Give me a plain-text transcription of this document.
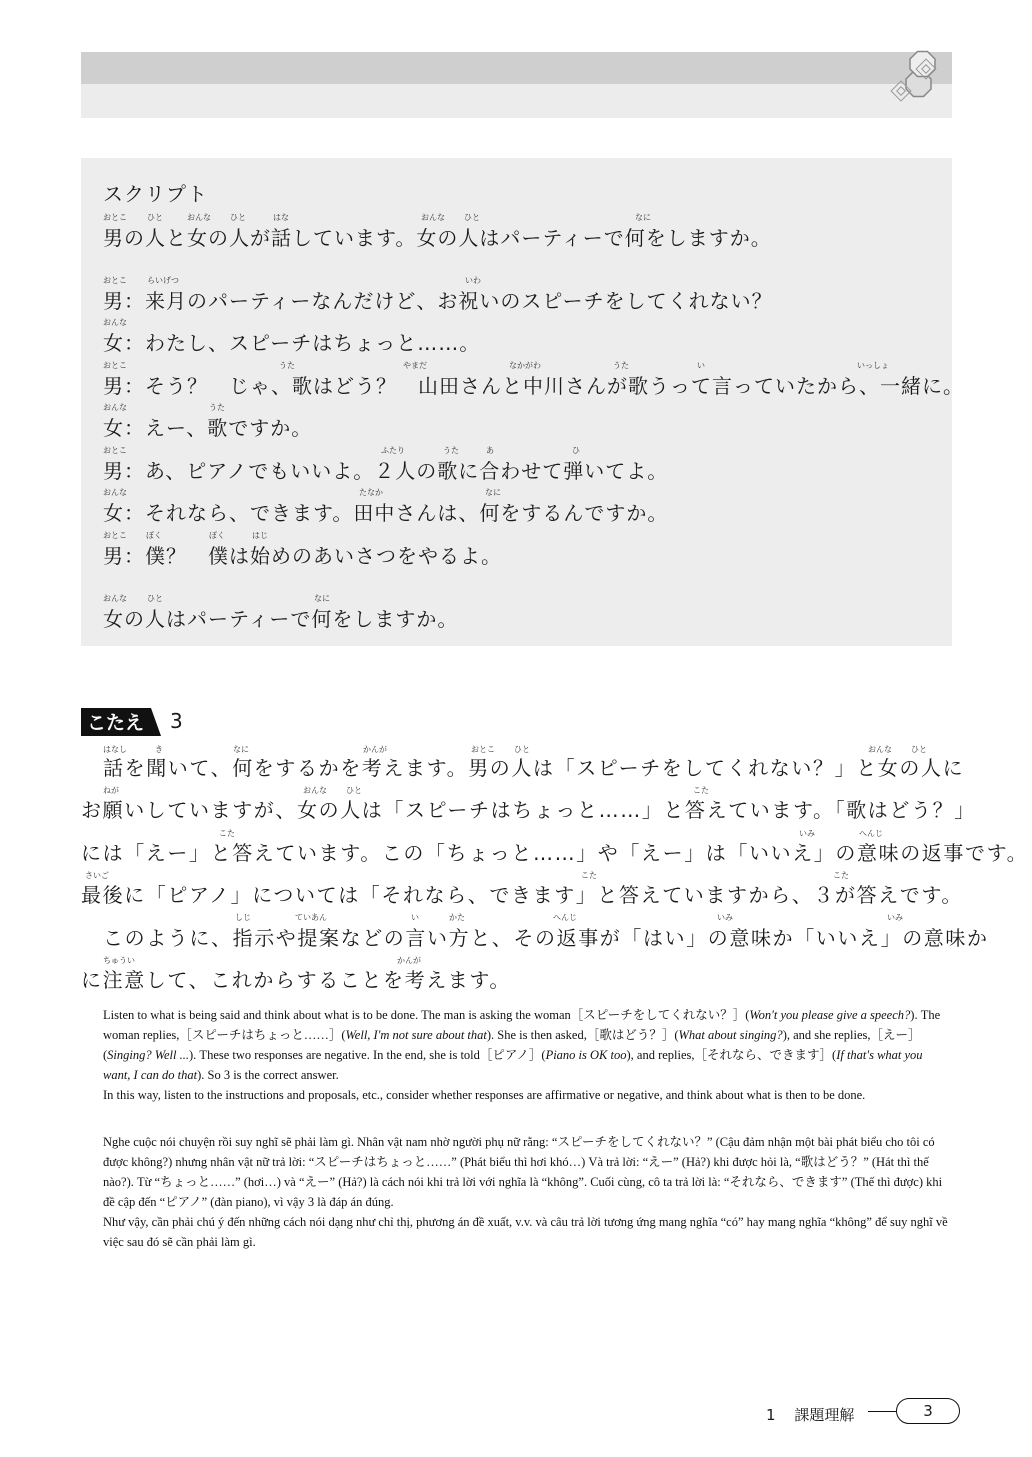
スクリプト
おとこ	ひと	おんな ひと	はな	おんな ひと	なに
男の人と女の人が話しています。女の人はパーティーで何をしますか。
おとこ	らいげつ	いわ
男：来月のパーティーなんだけど、お祝いのスピーチをしてくれない？
おんな
女：わたし、スピーチはちょっと……。
おとこ	うた	やまだ	なかがわ	うた	い	いっしょ
男：そう？　じゃ、歌はどう？　山田さんと中川さんが歌うって言っていたから、一緒に。
おんな	うた
女：えー、歌ですか。
おとこ	ふたり	うた	あ	ひ
男：あ、ピアノでもいいよ。２人の歌に合わせて弾いてよ。
おんな	たなか	なに
女：それなら、できます。田中さんは、何をするんですか。
おとこ ぼく	ぼく	はじ
男：僕？　僕は始めのあいさつをやるよ。
おんな	ひと	なに
女の人はパーティーで何をしますか。
こたえ 3
はなし	き	なに	かんが	おとこ ひと	おんな ひと
話を聞いて、何をするかを考えます。男の人は「スピーチをしてくれない？」と女の人に
ねが	おんな ひと	こた
お願いしていますが、女の人は「スピーチはちょっと……」と答えています。「歌はどう？」
こた	いみ	へんじ
には「えー」と答えています。この「ちょっと……」や「えー」は「いいえ」の意味の返事です。
さいご	こた	こた
最後に「ピアノ」については「それなら、できます」と答えていますから、３が答えです。
しじ	ていあん	い	かた	へんじ	いみ	いみ
このように、指示や提案などの言い方と、その返事が「はい」の意味か「いいえ」の意味か
ちゅうい	かんが
に注意して、これからすることを考えます。
Listen to what is being said and think about what is to be done. The man is asking the woman［スピーチをしてくれない？］(Won't you please give a speech?). The woman replies,［スピーチはちょっと……］(Well, I'm not sure about that). She is then asked,［歌はどう？］(What about singing?), and she replies,［えー］(Singing? Well ...). These two responses are negative. In the end, she is told［ピアノ］(Piano is OK too), and replies,［それなら、できます］(If that's what you want, I can do that). So 3 is the correct answer.
In this way, listen to the instructions and proposals, etc., consider whether responses are affirmative or negative, and think about what is then to be done.
Nghe cuộc nói chuyện rồi suy nghĩ sẽ phải làm gì. Nhân vật nam nhờ người phụ nữ rằng: “スピーチをしてくれない？” (Cậu đảm nhận một bài phát biểu cho tôi có được không?) nhưng nhân vật nữ trả lời: “スピーチはちょっと……” (Phát biểu thì hơi khó…) Và trả lời: “えー” (Hả?) khi được hỏi là, “歌はどう？” (Hát thì thế nào?). Từ “ちょっと……” (hơi…) và “えー” (Hả?) là cách nói khi trả lời với nghĩa là “không”. Cuối cùng, cô ta trả lời là: “それなら、できます” (Thế thì được) khi đề cập đến “ピアノ” (đàn piano), vì vậy 3 là đáp án đúng.
Như vậy, cần phải chú ý đến những cách nói dạng như chỉ thị, phương án đề xuất, v.v. và câu trả lời tương ứng mang nghĩa “có” hay mang nghĩa “không” để suy nghĩ về việc sau đó sẽ cần phải làm gì.
1 課題理解	3
